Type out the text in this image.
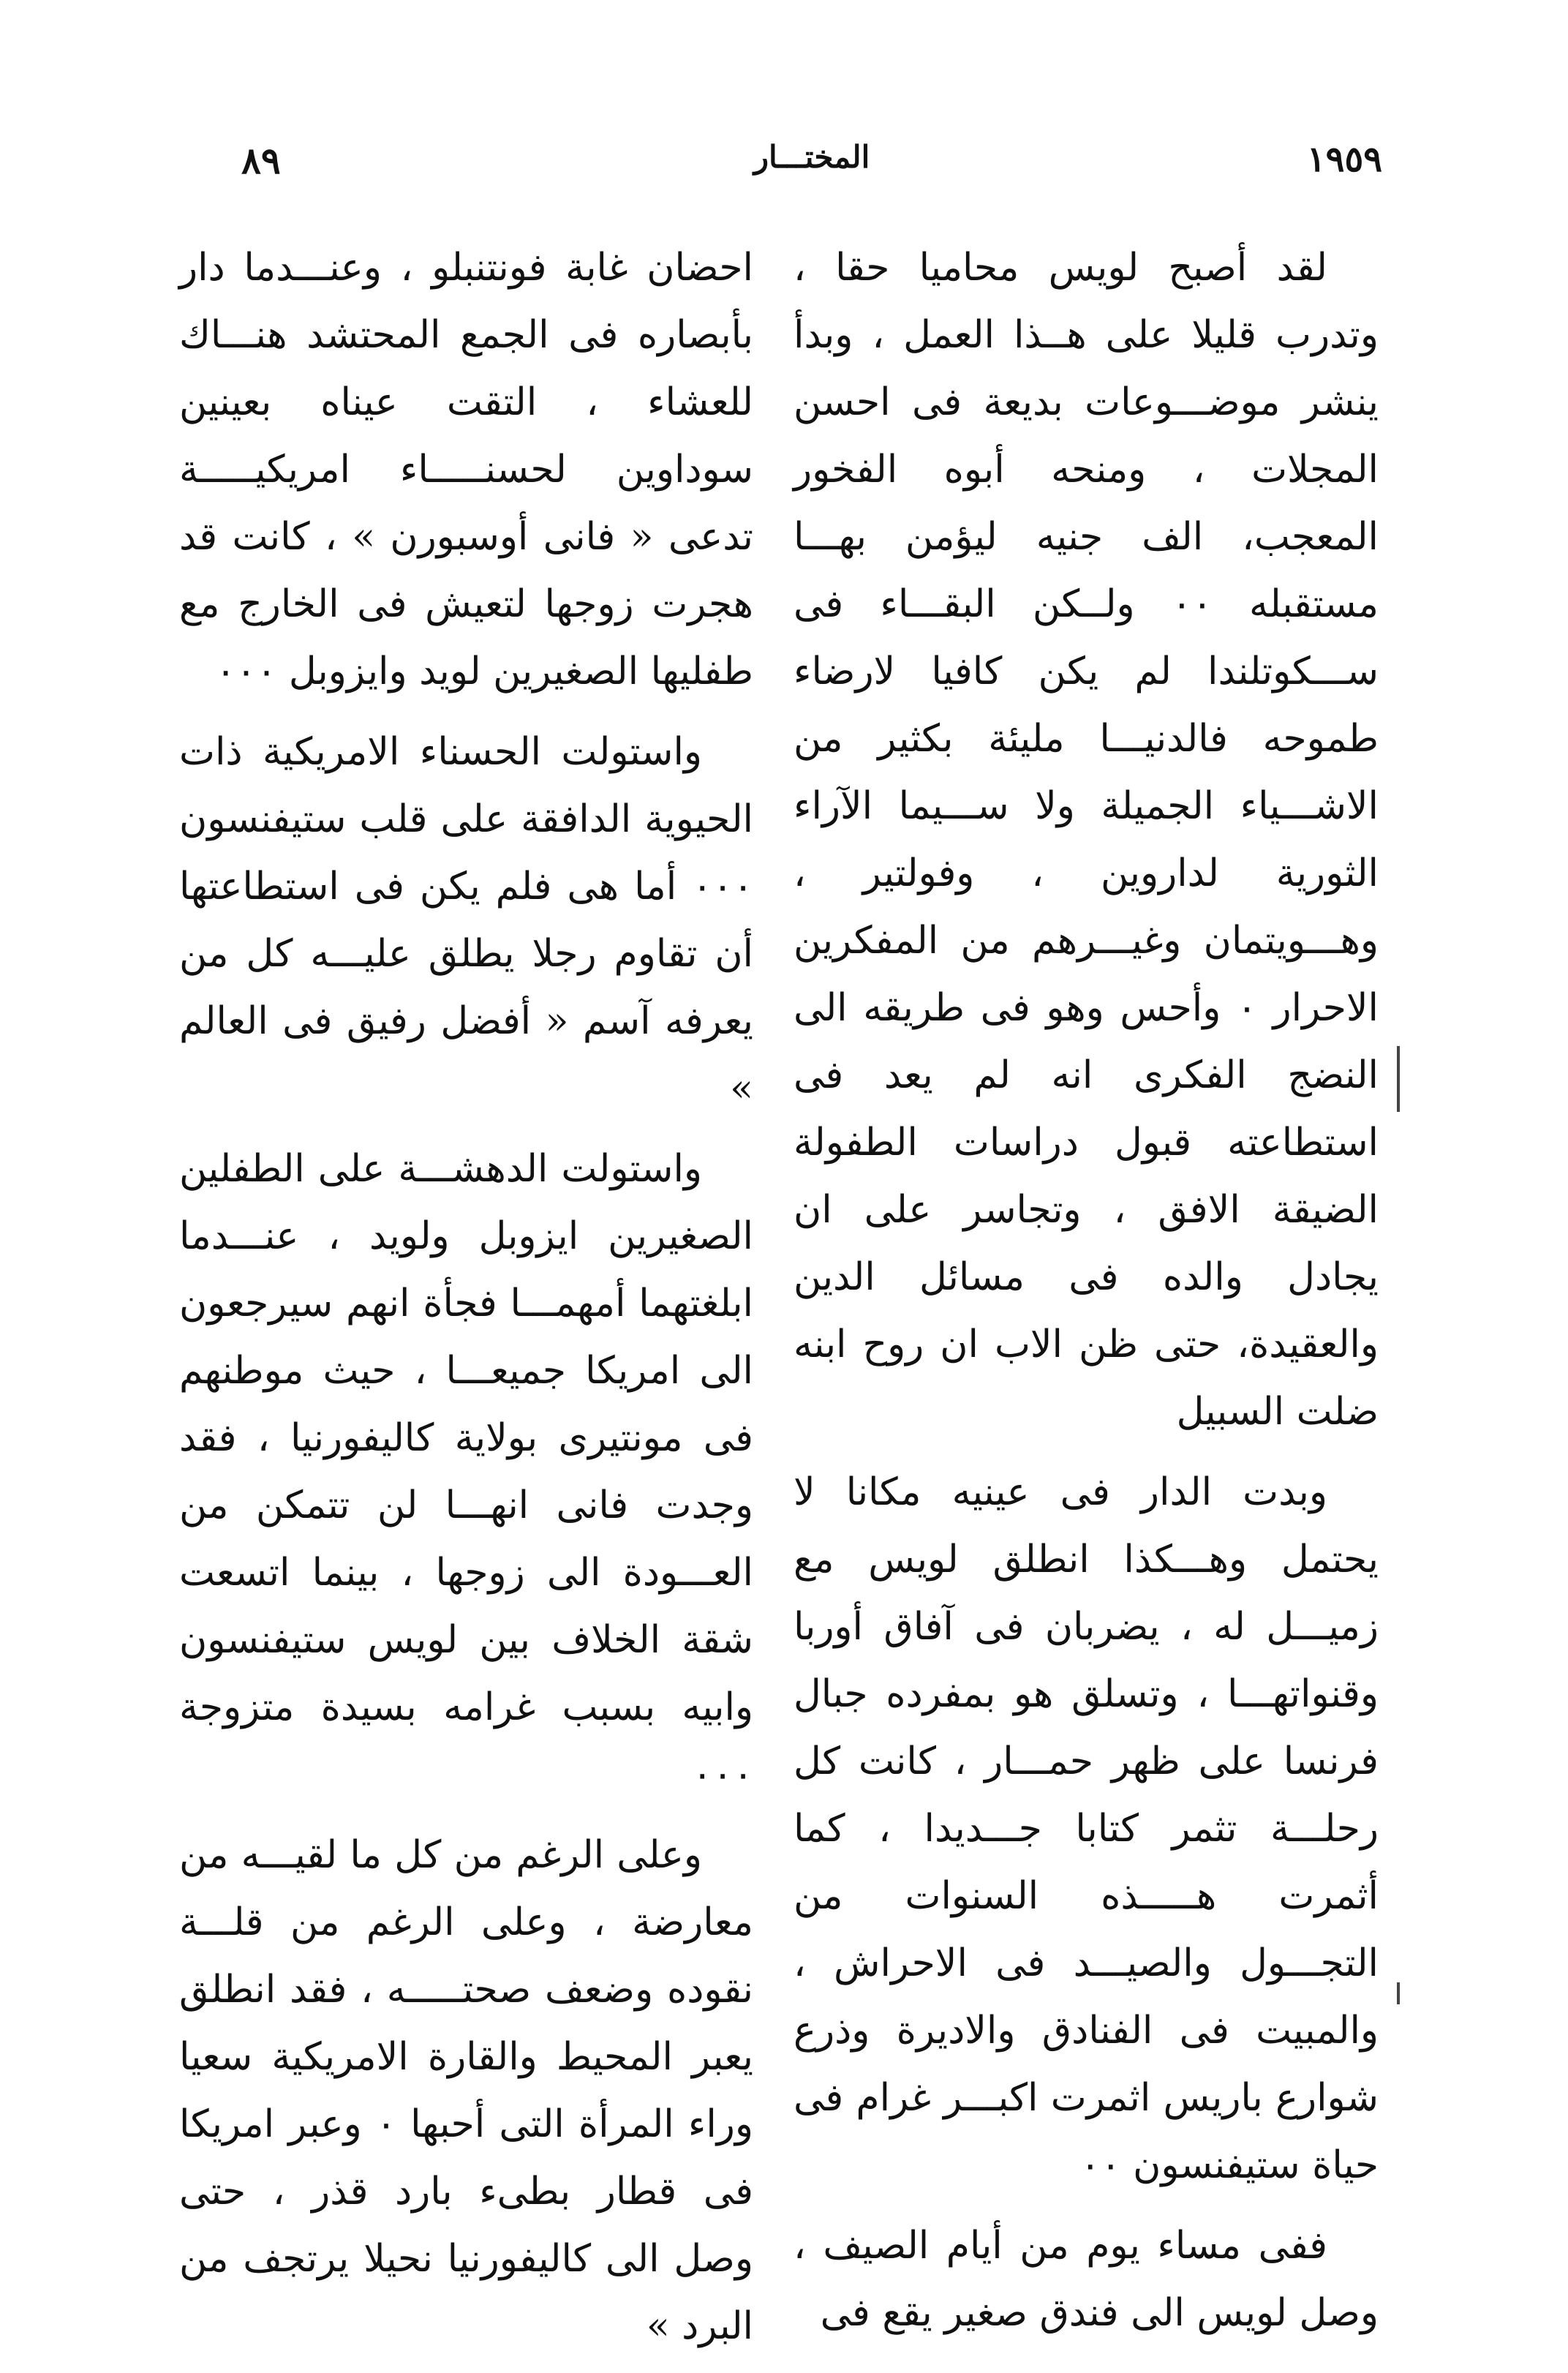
٨٩	المختـــار	١٩٥٩

لقد أصبح لويس محاميا حقا ، وتدرب قليلا على هــذا العمل ، وبدأ ينشر موضـــوعات بديعة فى احسن المجلات ، ومنحه أبوه الفخور المعجب، الف جنيه ليؤمن بهـــا مستقبله ٠٠ ولــكن البقـــاء فى ســـكوتلندا لم يكن كافيا لارضاء طموحه فالدنيـــا مليئة بكثير من الاشـــياء الجميلة ولا ســـيما الآراء الثورية لداروين ، وفولتير ، وهـــويتمان وغيـــرهم من المفكرين الاحرار ٠ وأحس وهو فى طريقه الى النضج الفكرى انه لم يعد فى استطاعته قبول دراسات الطفولة الضيقة الافق ، وتجاسر على ان يجادل والده فى مسائل الدين والعقيدة، حتى ظن الاب ان روح ابنه ضلت السبيل

وبدت الدار فى عينيه مكانا لا يحتمل وهـــكذا انطلق لويس مع زميـــل له ، يضربان فى آفاق أوربا وقنواتهـــا ، وتسلق هو بمفرده جبال فرنسا على ظهر حمـــار ، كانت كل رحلـــة تثمر كتابا جـــديدا ، كما أثمرت هـــــذه السنوات من التجـــول والصيـــد فى الاحراش ، والمبيت فى الفنادق والاديرة وذرع شوارع باريس اثمرت اكبـــر غرام فى حياة ستيفنسون ٠٠

ففى مساء يوم من أيام الصيف ، وصل لويس الى فندق صغير يقع فى

احضان غابة فونتنبلو ، وعنـــدما دار بأبصاره فى الجمع المحتشد هنـــاك للعشاء ، التقت عيناه بعينين سوداوين لحسنـــــاء امريكيـــــة تدعى « فانى أوسبورن » ، كانت قد هجرت زوجها لتعيش فى الخارج مع طفليها الصغيرين لويد وايزوبل ٠٠٠

واستولت الحسناء الامريكية ذات الحيوية الدافقة على قلب ستيفنسون ٠٠٠ أما هى فلم يكن فى استطاعتها أن تقاوم رجلا يطلق عليـــه كل من يعرفه آسم « أفضل رفيق فى العالم »

واستولت الدهشـــة على الطفلين الصغيرين ايزوبل ولويد ، عنـــدما ابلغتهما أمهمـــا فجأة انهم سيرجعون الى امريكا جميعـــا ، حيث موطنهم فى مونتيرى بولاية كاليفورنيا ، فقد وجدت فانى انهـــا لن تتمكن من العـــودة الى زوجها ، بينما اتسعت شقة الخلاف بين لويس ستيفنسون وابيه بسبب غرامه بسيدة متزوجة ٠٠٠

وعلى الرغم من كل ما لقيـــه من معارضة ، وعلى الرغم من قلـــة نقوده وضعف صحتـــــه ، فقد انطلق يعبر المحيط والقارة الامريكية سعيا وراء المرأة التى أحبها ٠ وعبر امريكا فى قطار بطىء بارد قذر ، حتى وصل الى كاليفورنيا نحيلا يرتجف من البرد »
